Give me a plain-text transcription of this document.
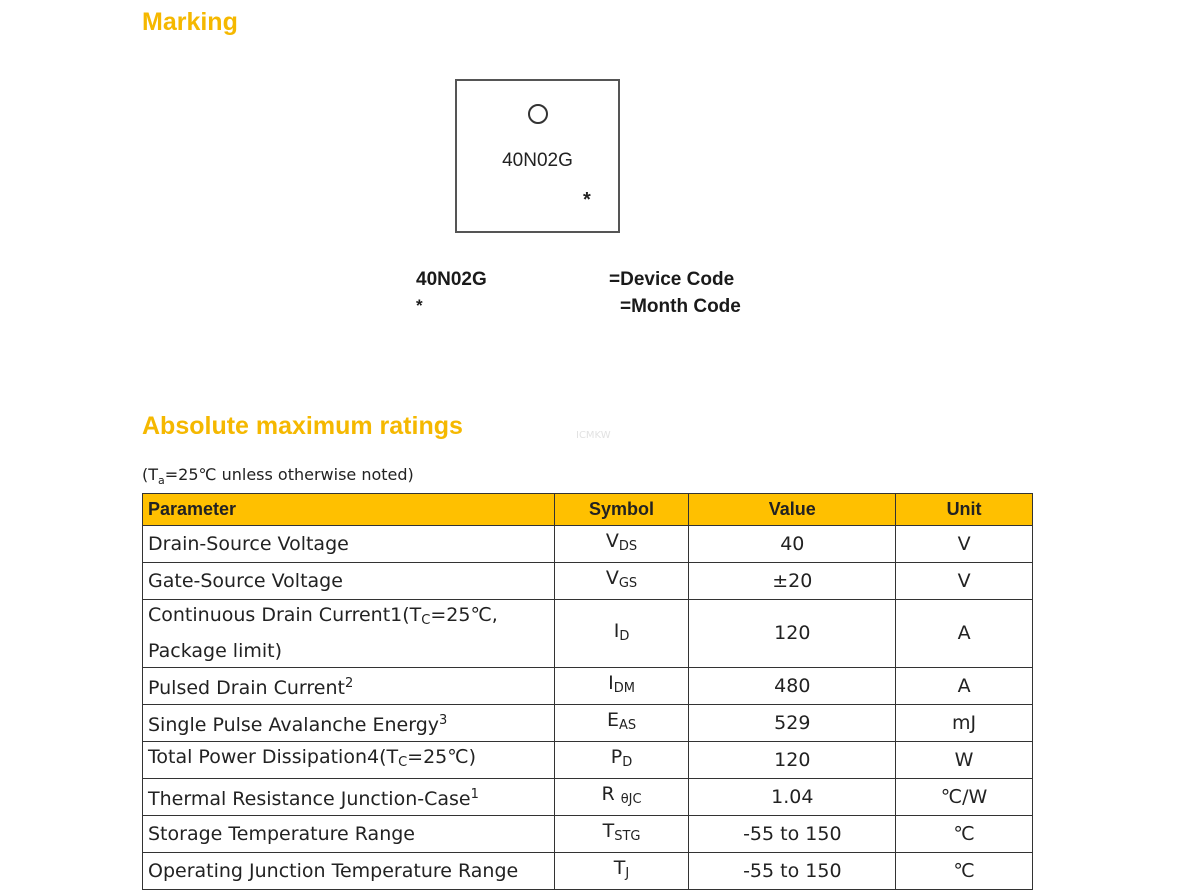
Marking
40N02G
*
40N02G	=Device Code
*	=Month Code
Absolute maximum ratings	ICMKW
($T_a=25℃$ unless otherwise noted)
Parameter	Symbol	Value	Unit
Drain-Source Voltage	$V_{DS}$	40	V
Gate-Source Voltage	$V_{GS}$	±20	V
Continuous Drain Current1(TC=25℃,
Package limit)	$I_D$	120	A
Pulsed Drain Current$^2$	$I_{DM}$	480	A
Single Pulse Avalanche Energy$^3$	$E_{AS}$	529	mJ
Total Power Dissipation4(TC=25℃)	$P_D$	120	W
Thermal Resistance Junction-Case$^1$	R $_{\theta JC}$	1.04	℃/W
Storage Temperature Range	$T_{STG}$	-55 to 150	℃
Operating Junction Temperature Range	$T_J$	-55 to 150	℃
